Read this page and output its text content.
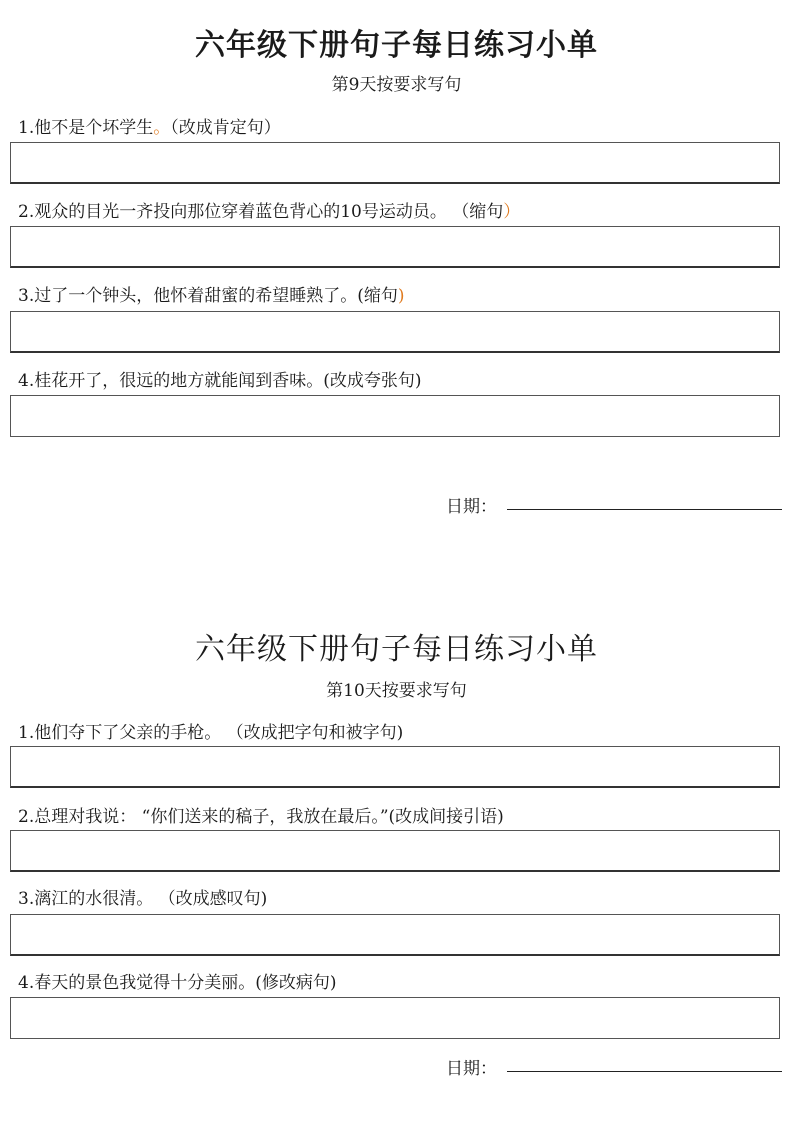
六年级下册句子每日练习小单

第9天按要求写句

1.他不是个坏学生。（改成肯定句）

2.观众的目光一齐投向那位穿着蓝色背心的10号运动员。 （缩句）

3.过了一个钟头，他怀着甜蜜的希望睡熟了。(缩句)

4.桂花开了，很远的地方就能闻到香味。(改成夸张句)

日期：
六年级下册句子每日练习小单

第10天按要求写句

1.他们夺下了父亲的手枪。 （改成把字句和被字句)

2.总理对我说： “你们送来的稿子，我放在最后。”(改成间接引语)

3.漓江的水很清。 （改成感叹句)

4.春天的景色我觉得十分美丽。(修改病句)

日期：
